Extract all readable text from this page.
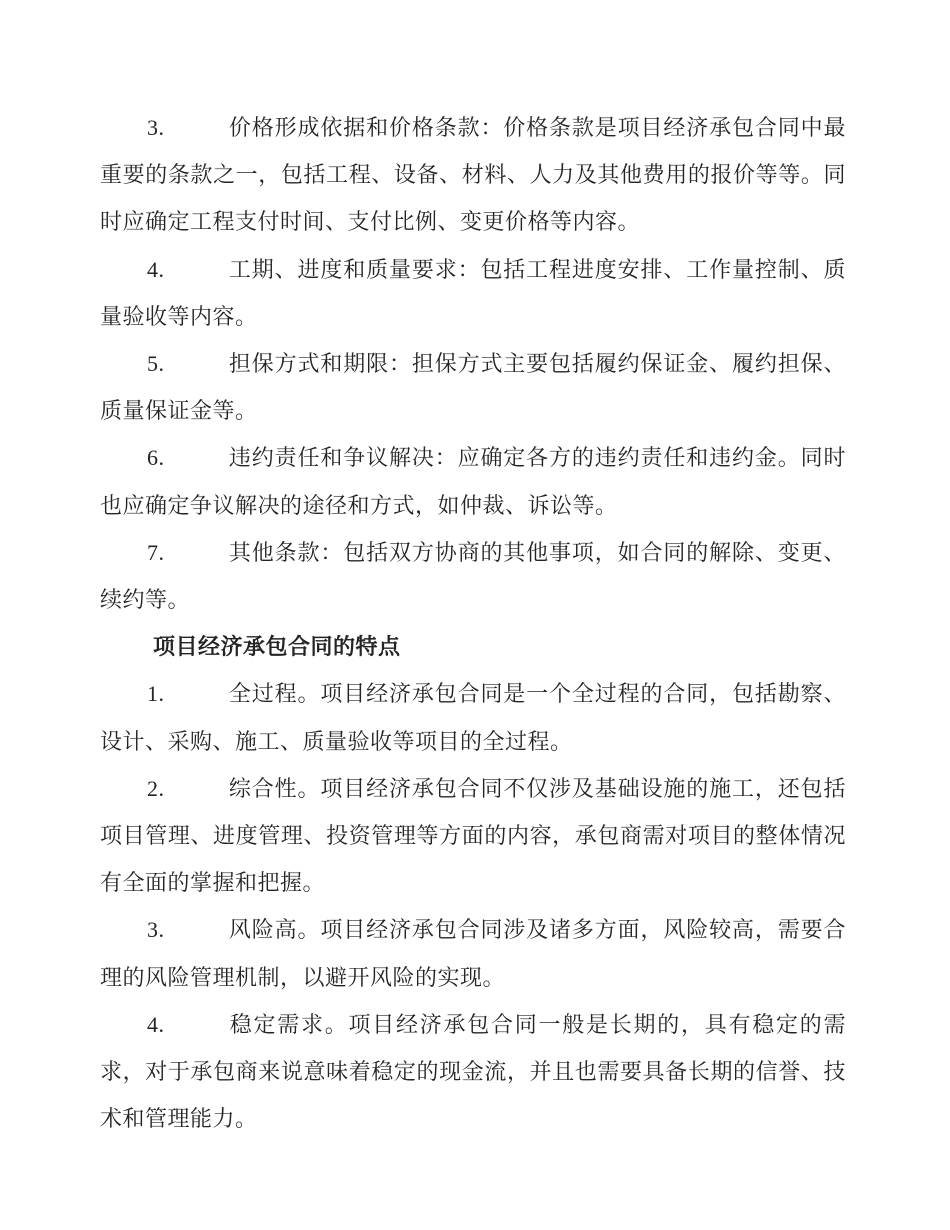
3.	价格形成依据和价格条款：价格条款是项目经济承包合同中最重要的条款之一，包括工程、设备、材料、人力及其他费用的报价等等。同时应确定工程支付时间、支付比例、变更价格等内容。

4.	工期、进度和质量要求：包括工程进度安排、工作量控制、质量验收等内容。

5.	担保方式和期限：担保方式主要包括履约保证金、履约担保、质量保证金等。

6.	违约责任和争议解决：应确定各方的违约责任和违约金。同时也应确定争议解决的途径和方式，如仲裁、诉讼等。

7.	其他条款：包括双方协商的其他事项，如合同的解除、变更、续约等。

项目经济承包合同的特点

1.	全过程。项目经济承包合同是一个全过程的合同，包括勘察、设计、采购、施工、质量验收等项目的全过程。

2.	综合性。项目经济承包合同不仅涉及基础设施的施工，还包括项目管理、进度管理、投资管理等方面的内容，承包商需对项目的整体情况有全面的掌握和把握。

3.	风险高。项目经济承包合同涉及诸多方面，风险较高，需要合理的风险管理机制，以避开风险的实现。

4.	稳定需求。项目经济承包合同一般是长期的，具有稳定的需求，对于承包商来说意味着稳定的现金流，并且也需要具备长期的信誉、技术和管理能力。
